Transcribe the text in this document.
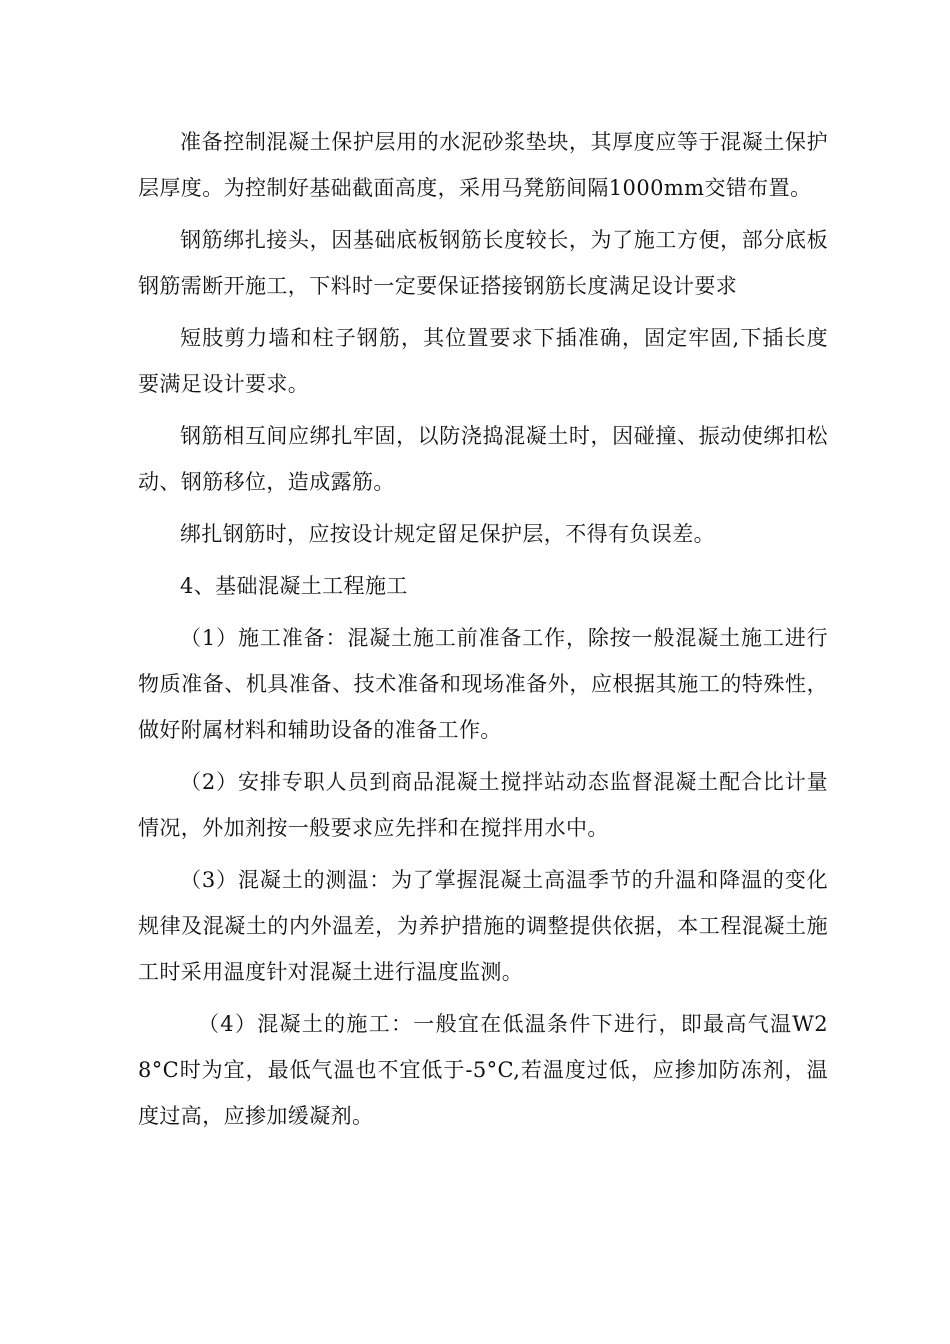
准备控制混凝土保护层用的水泥砂浆垫块，其厚度应等于混凝土保护层厚度。为控制好基础截面高度，采用马凳筋间隔1000mm交错布置。

钢筋绑扎接头，因基础底板钢筋长度较长，为了施工方便，部分底板钢筋需断开施工，下料时一定要保证搭接钢筋长度满足设计要求

短肢剪力墙和柱子钢筋，其位置要求下插准确，固定牢固,下插长度要满足设计要求。

钢筋相互间应绑扎牢固，以防浇捣混凝土时，因碰撞、振动使绑扣松动、钢筋移位，造成露筋。

绑扎钢筋时，应按设计规定留足保护层，不得有负误差。

4、基础混凝土工程施工

（1）施工准备：混凝土施工前准备工作，除按一般混凝土施工进行物质准备、机具准备、技术准备和现场准备外，应根据其施工的特殊性，做好附属材料和辅助设备的准备工作。

（2）安排专职人员到商品混凝土搅拌站动态监督混凝土配合比计量情况，外加剂按一般要求应先拌和在搅拌用水中。

（3）混凝土的测温：为了掌握混凝土高温季节的升温和降温的变化规律及混凝土的内外温差，为养护措施的调整提供依据，本工程混凝土施工时采用温度针对混凝土进行温度监测。

（4）混凝土的施工：一般宜在低温条件下进行，即最高气温W28°C时为宜，最低气温也不宜低于-5°C,若温度过低，应掺加防冻剂，温度过高，应掺加缓凝剂。
